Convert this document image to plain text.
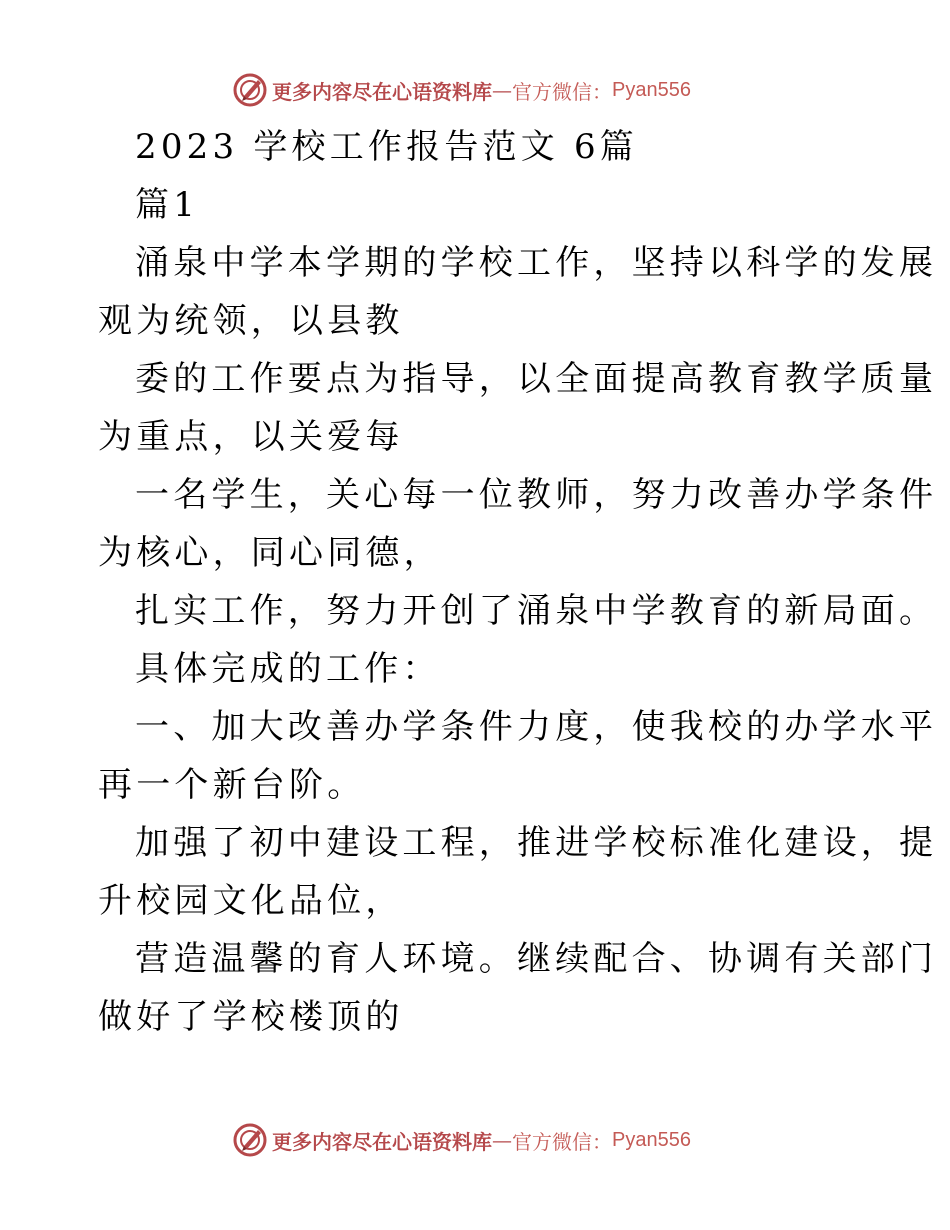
更多内容尽在心语资料库 — 官方微信： Pyan556
2023 学校工作报告范文 6篇
篇1
涌泉中学本学期的学校工作，坚持以科学的发展
观为统领，以县教
委的工作要点为指导，以全面提高教育教学质量
为重点，以关爱每
一名学生，关心每一位教师，努力改善办学条件
为核心，同心同德，
扎实工作，努力开创了涌泉中学教育的新局面。
具体完成的工作：
一、加大改善办学条件力度，使我校的办学水平
再一个新台阶。
加强了初中建设工程，推进学校标准化建设，提
升校园文化品位，
营造温馨的育人环境。继续配合、协调有关部门
做好了学校楼顶的
更多内容尽在心语资料库 — 官方微信： Pyan556
